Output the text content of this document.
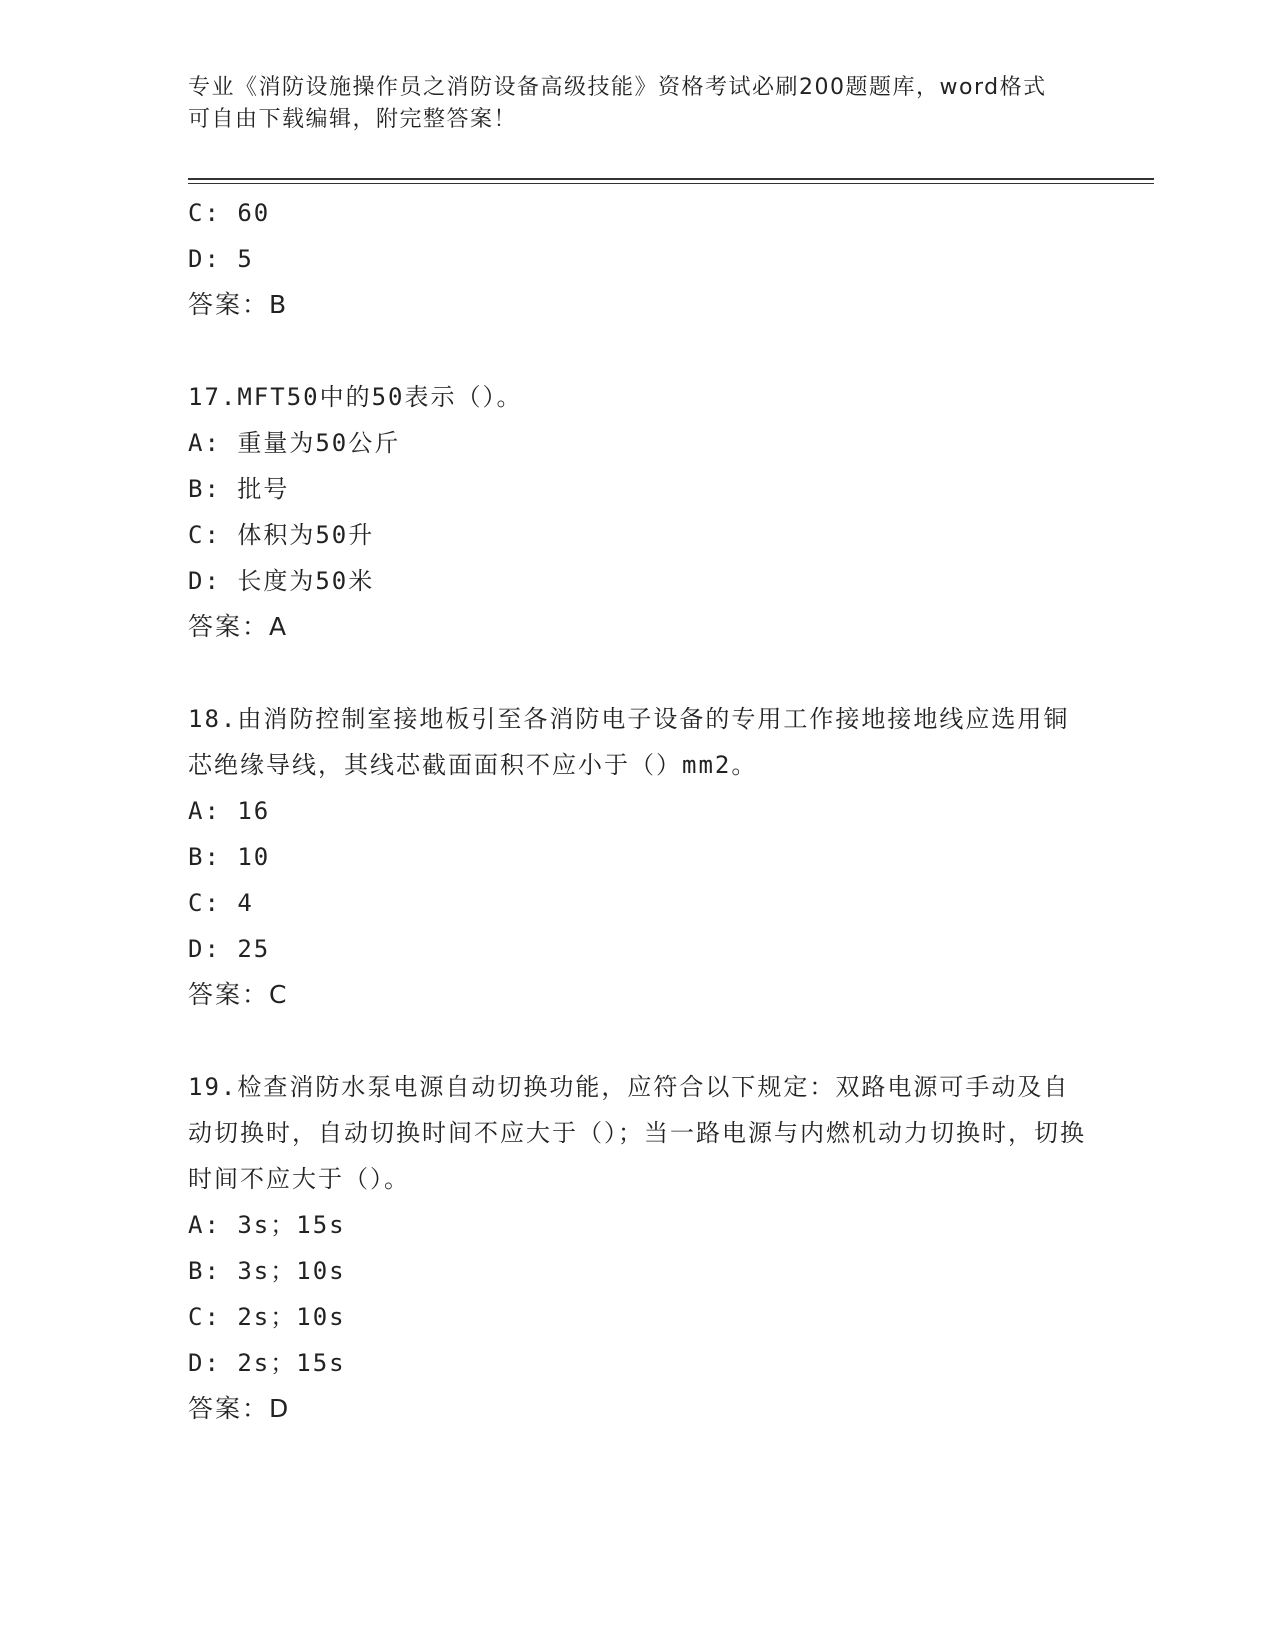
专业《消防设施操作员之消防设备高级技能》资格考试必刷200题题库，word格式可自由下载编辑，附完整答案！
C: 60
D: 5
答案：B
17.MFT50中的50表示（）。
A: 重量为50公斤
B: 批号
C: 体积为50升
D: 长度为50米
答案：A
18.由消防控制室接地板引至各消防电子设备的专用工作接地接地线应选用铜芯绝缘导线，其线芯截面面积不应小于（）mm2。
A: 16
B: 10
C: 4
D: 25
答案：C
19.检查消防水泵电源自动切换功能，应符合以下规定：双路电源可手动及自动切换时，自动切换时间不应大于（）；当一路电源与内燃机动力切换时，切换时间不应大于（）。
A: 3s；15s
B: 3s；10s
C: 2s；10s
D: 2s；15s
答案：D
